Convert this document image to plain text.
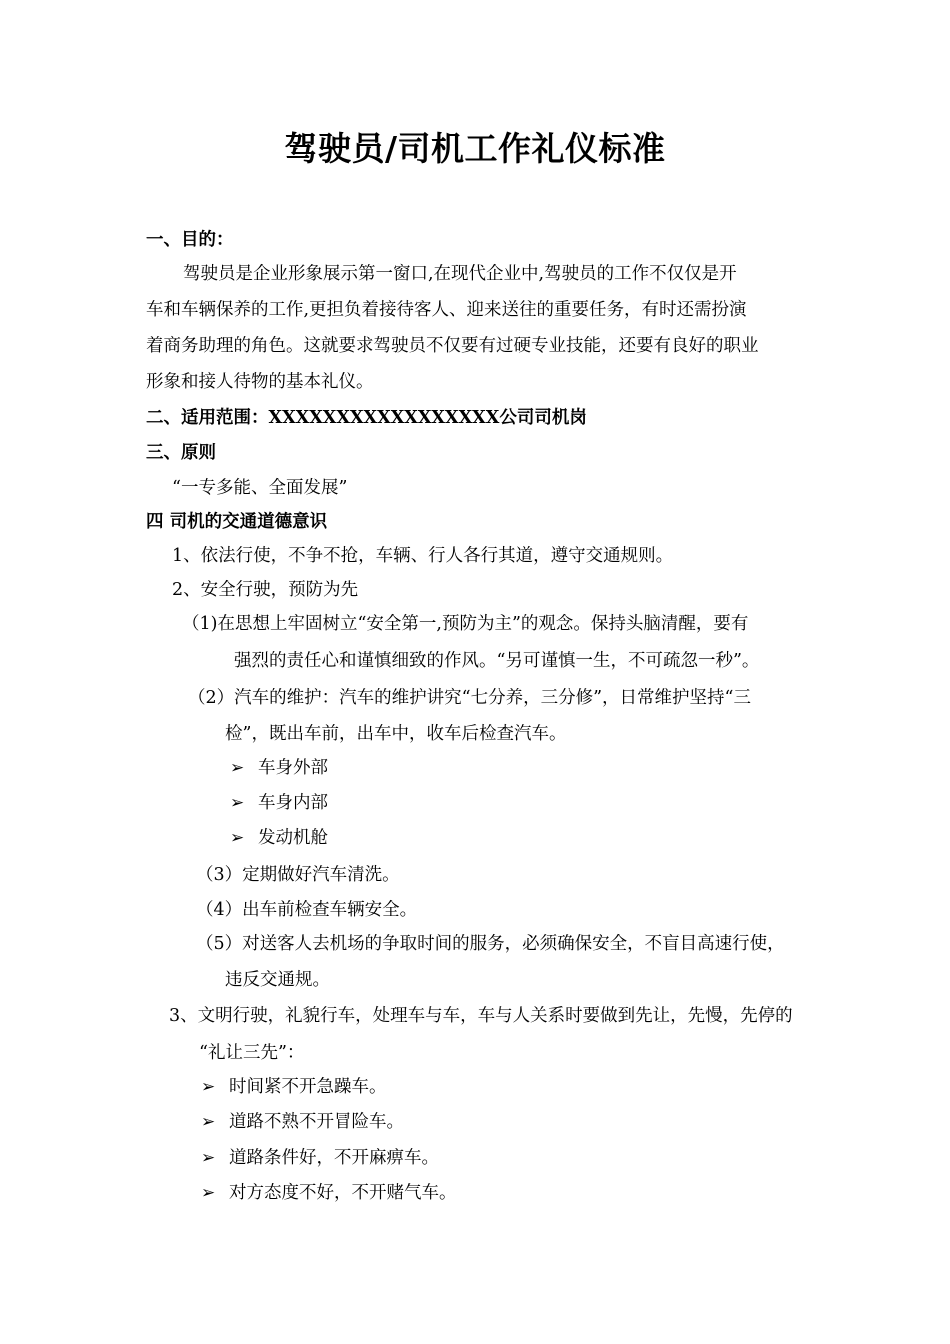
驾驶员/司机工作礼仪标准
一、目的：
驾驶员是企业形象展示第一窗口,在现代企业中,驾驶员的工作不仅仅是开
车和车辆保养的工作,更担负着接待客人、迎来送往的重要任务，有时还需扮演
着商务助理的角色。这就要求驾驶员不仅要有过硬专业技能，还要有良好的职业
形象和接人待物的基本礼仪。
二、适用范围：XXXXXXXXXXXXXXXXX公司司机岗
三、原则
“一专多能、全面发展”
四 司机的交通道德意识
1、依法行使，不争不抢，车辆、行人各行其道，遵守交通规则。
2、安全行驶，预防为先
（1)在思想上牢固树立“安全第一,预防为主”的观念。保持头脑清醒，要有
强烈的责任心和谨慎细致的作风。“另可谨慎一生，不可疏忽一秒”。
（2）汽车的维护：汽车的维护讲究“七分养，三分修”，日常维护坚持“三
检”，既出车前，出车中，收车后检查汽车。
➢ 车身外部
➢ 车身内部
➢ 发动机舱
（3）定期做好汽车清洗。
（4）出车前检查车辆安全。
（5）对送客人去机场的争取时间的服务，必须确保安全，不盲目高速行使，
违反交通规。
3、文明行驶，礼貌行车，处理车与车，车与人关系时要做到先让，先慢，先停的
“礼让三先”：
➢ 时间紧不开急躁车。
➢ 道路不熟不开冒险车。
➢ 道路条件好，不开麻痹车。
➢ 对方态度不好，不开赌气车。
